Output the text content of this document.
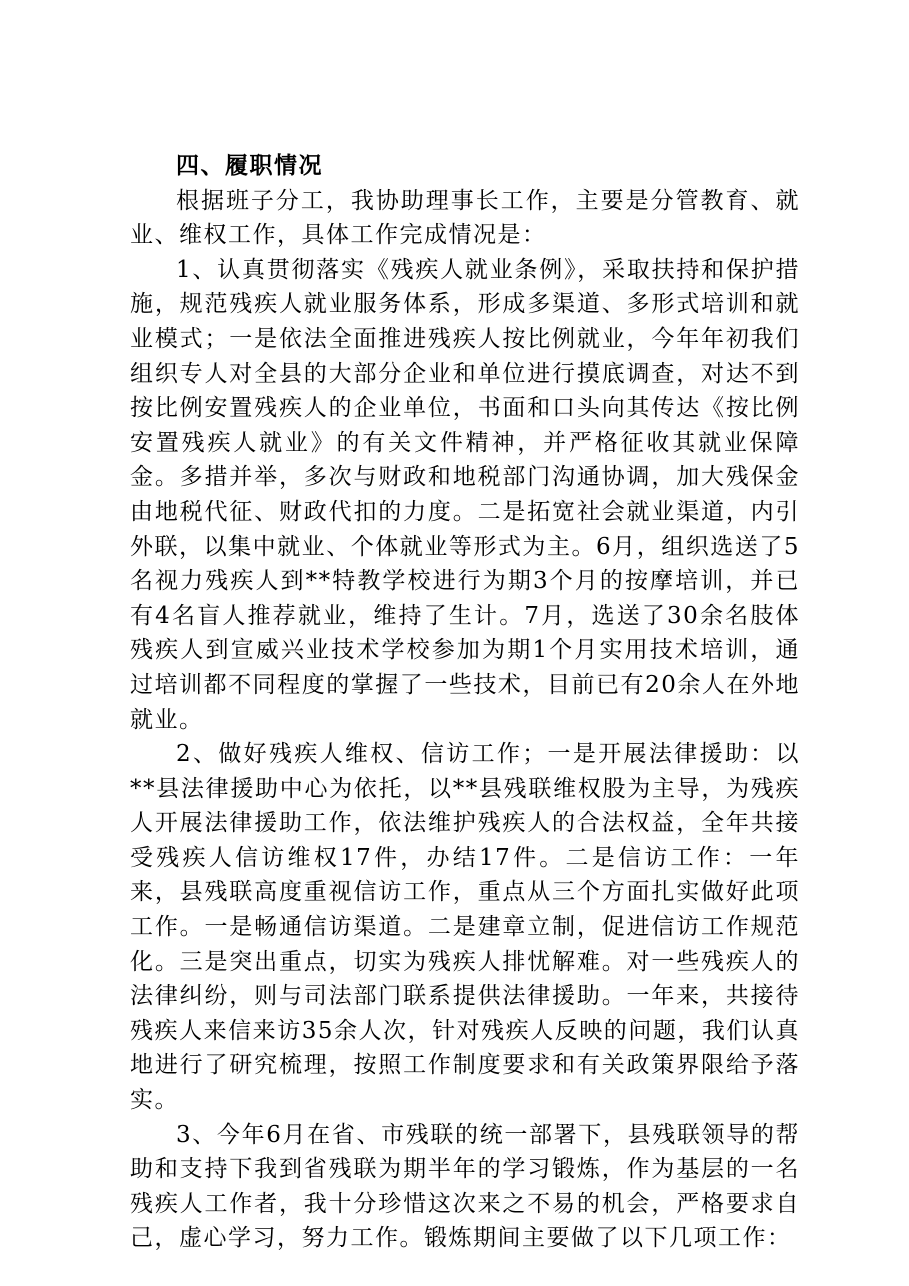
四、履职情况

根据班子分工，我协助理事长工作，主要是分管教育、就业、维权工作，具体工作完成情况是：

1、认真贯彻落实《残疾人就业条例》，采取扶持和保护措施，规范残疾人就业服务体系，形成多渠道、多形式培训和就业模式；一是依法全面推进残疾人按比例就业，今年年初我们组织专人对全县的大部分企业和单位进行摸底调查，对达不到按比例安置残疾人的企业单位，书面和口头向其传达《按比例安置残疾人就业》的有关文件精神，并严格征收其就业保障金。多措并举，多次与财政和地税部门沟通协调，加大残保金由地税代征、财政代扣的力度。二是拓宽社会就业渠道，内引外联，以集中就业、个体就业等形式为主。6月，组织选送了5名视力残疾人到**特教学校进行为期3个月的按摩培训，并已有4名盲人推荐就业，维持了生计。7月，选送了30余名肢体残疾人到宣威兴业技术学校参加为期1个月实用技术培训，通过培训都不同程度的掌握了一些技术，目前已有20余人在外地就业。

2、做好残疾人维权、信访工作；一是开展法律援助：以**县法律援助中心为依托，以**县残联维权股为主导，为残疾人开展法律援助工作，依法维护残疾人的合法权益，全年共接受残疾人信访维权17件，办结17件。二是信访工作：一年来，县残联高度重视信访工作，重点从三个方面扎实做好此项工作。一是畅通信访渠道。二是建章立制，促进信访工作规范化。三是突出重点，切实为残疾人排忧解难。对一些残疾人的法律纠纷，则与司法部门联系提供法律援助。一年来，共接待残疾人来信来访35余人次，针对残疾人反映的问题，我们认真地进行了研究梳理，按照工作制度要求和有关政策界限给予落实。

3、今年6月在省、市残联的统一部署下，县残联领导的帮助和支持下我到省残联为期半年的学习锻炼，作为基层的一名残疾人工作者，我十分珍惜这次来之不易的机会，严格要求自己，虚心学习，努力工作。锻炼期间主要做了以下几项工作：
